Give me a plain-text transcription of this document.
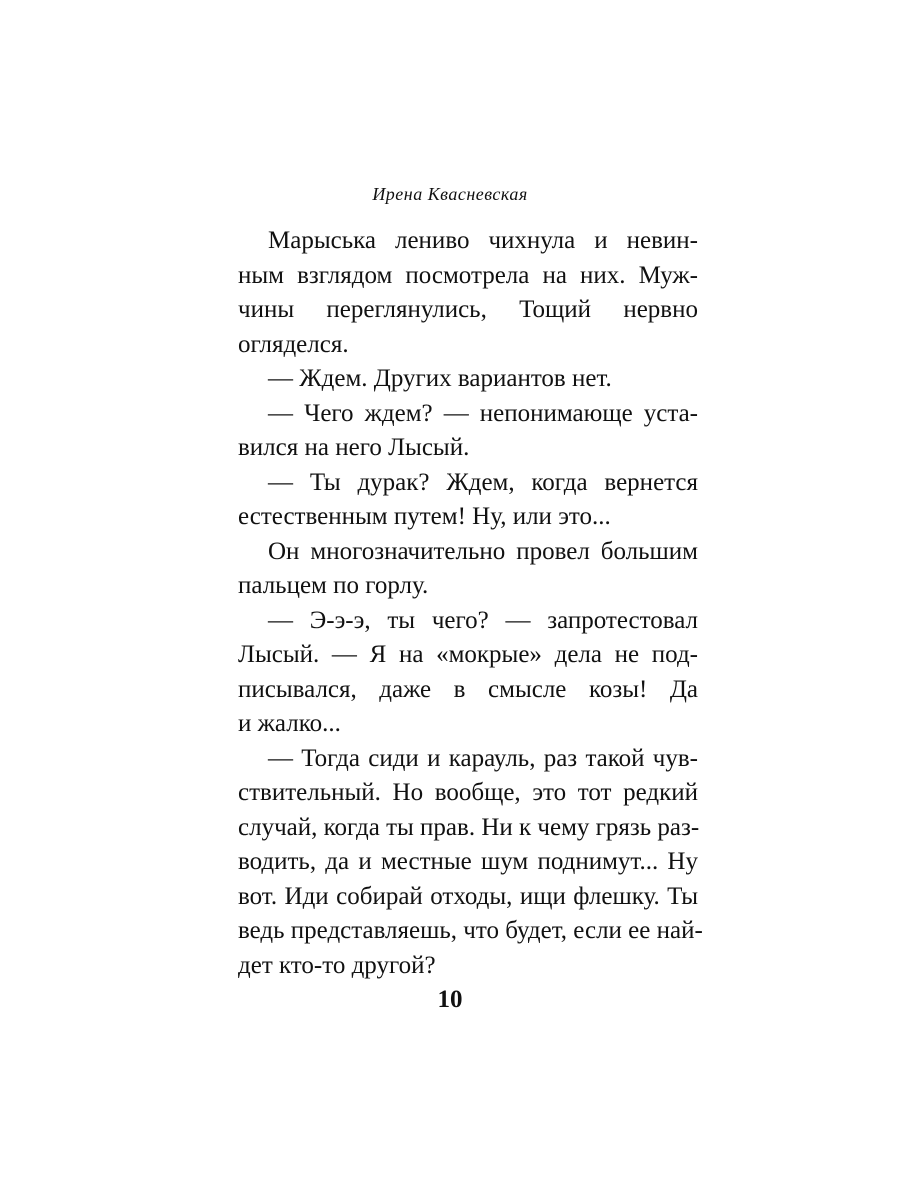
Ирена Квасневская
Марыська лениво чихнула и невин-
ным взглядом посмотрела на них. Муж-
чины переглянулись, Тощий нервно
огляделся.
— Ждем. Других вариантов нет.
— Чего ждем? — непонимающе уста-
вился на него Лысый.
— Ты дурак? Ждем, когда вернется
естественным путем! Ну, или это...
Он многозначительно провел большим
пальцем по горлу.
— Э-э-э, ты чего? — запротестовал
Лысый. — Я на «мокрые» дела не под-
писывался, даже в смысле козы! Да
и жалко...
— Тогда сиди и карауль, раз такой чув-
ствительный. Но вообще, это тот редкий
случай, когда ты прав. Ни к чему грязь раз-
водить, да и местные шум поднимут... Ну
вот. Иди собирай отходы, ищи флешку. Ты
ведь представляешь, что будет, если ее най-
дет кто-то другой?
10
